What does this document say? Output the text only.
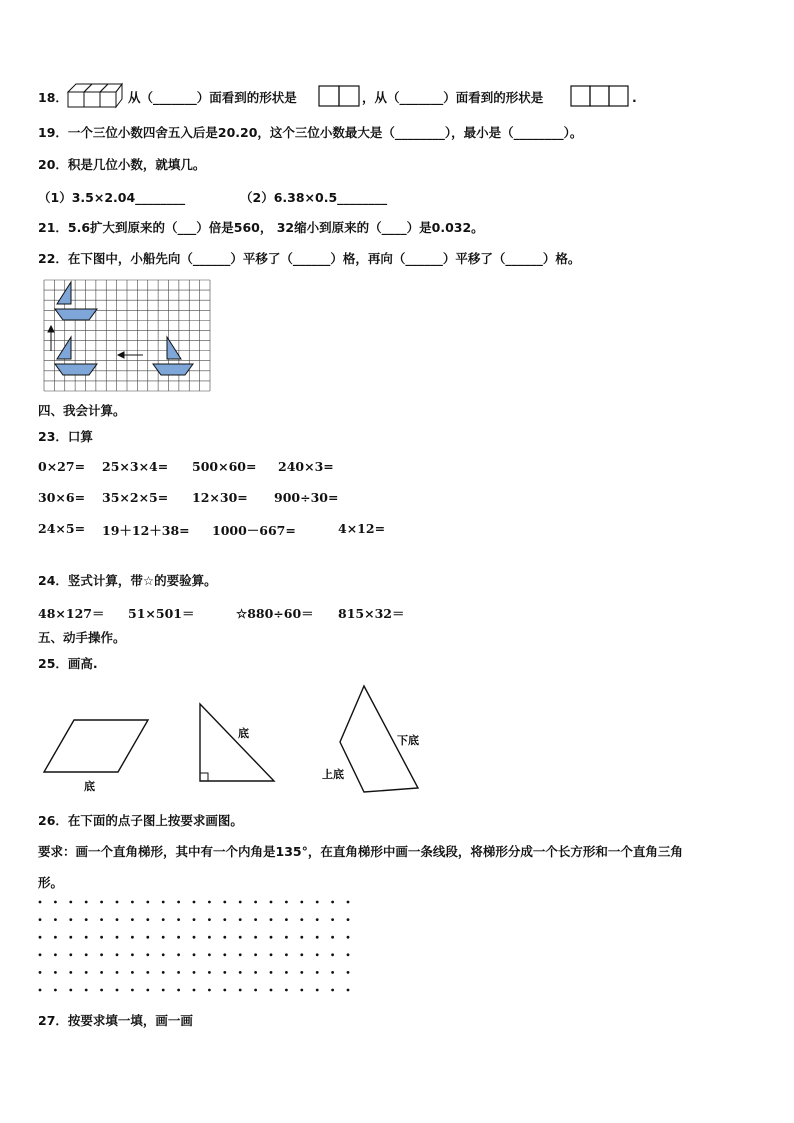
18．	从（_______）面看到的形状是	，从（_______）面看到的形状是	.
19．一个三位小数四舍五入后是20.20，这个三位小数最大是（________），最小是（________）。
20．积是几位小数，就填几。
（1）3.5×2.04________	（2）6.38×0.5________
21．5.6扩大到原来的（___）倍是560， 32缩小到原来的（____）是0.032。
22．在下图中，小船先向（______）平移了（______）格，再向（______）平移了（______）格。
四、我会计算。
23．口算
0×27= 25×3×4= 500×60= 240×3=
30×6= 35×2×5= 12×30= 900÷30=
24×5= 19＋12＋38= 1000－667=	4×12=
24．竖式计算，带☆的要验算。
48×127＝ 51×501＝	☆880÷60＝ 815×32＝
五、动手操作。
25．画高.
底
底
下底
上底
26．在下面的点子图上按要求画图。
要求：画一个直角梯形，其中有一个内角是135°，在直角梯形中画一条线段，将梯形分成一个长方形和一个直角三角
形。
27．按要求填一填，画一画
